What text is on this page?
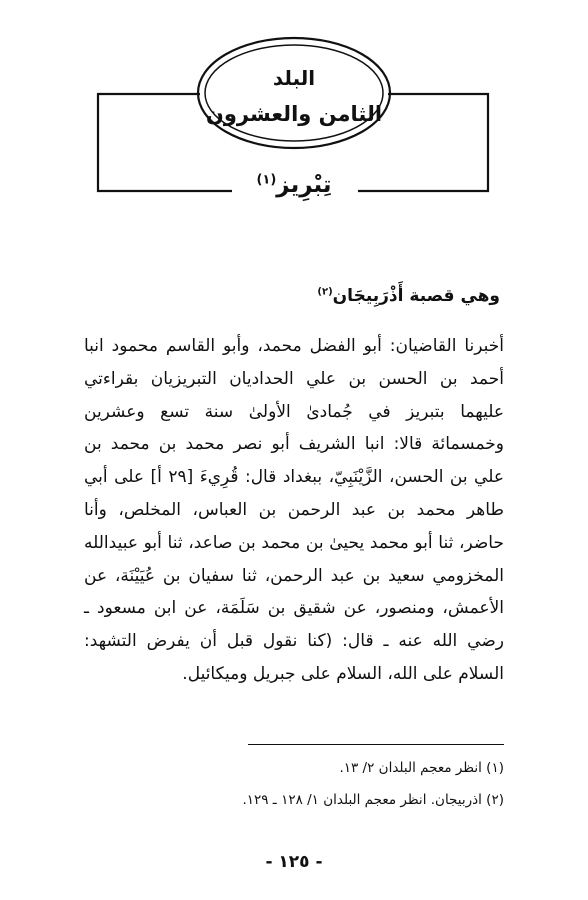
البلد
الثامن والعشرون
تِبْرِيز$^{(١)}$
وهي قصبة أَذْرَبِيجَان$^{(٢)}$
أخبرنا القاضيان: أبو الفضل محمد، وأبو القاسم محمود انبا أحمد بن الحسن بن علي الحداديان التبريزيان بقراءتي عليهما بتبريز في جُمادىٰ الأولىٰ سنة تسع وعشرين وخمسمائة قالا: انبا الشريف أبو نصر محمد بن محمد بن علي بن الحسن، الزَّيْنَبِيّ، ببغداد قال: قُرِيءَ [٢٩ أ] على أبي طاهر محمد بن عبد الرحمن بن العباس، المخلص، وأنا حاضر، ثنا أبو محمد يحيىٰ بن محمد بن صاعد، ثنا أبو عبيدالله المخزومي سعيد بن عبد الرحمن، ثنا سفيان بن عُيَيْنَة، عن الأعمش، ومنصور، عن شقيق بن سَلَمَة، عن ابن مسعود ـ رضي الله عنه ـ قال: (كنا نقول قبل أن يفرض التشهد: السلام على الله، السلام على جبريل وميكائيل.
(١) انظر معجم البلدان ٢/ ١٣.
(٢) اذربيجان. انظر معجم البلدان ١/ ١٢٨ ـ ١٢٩.
- ١٢٥ -
